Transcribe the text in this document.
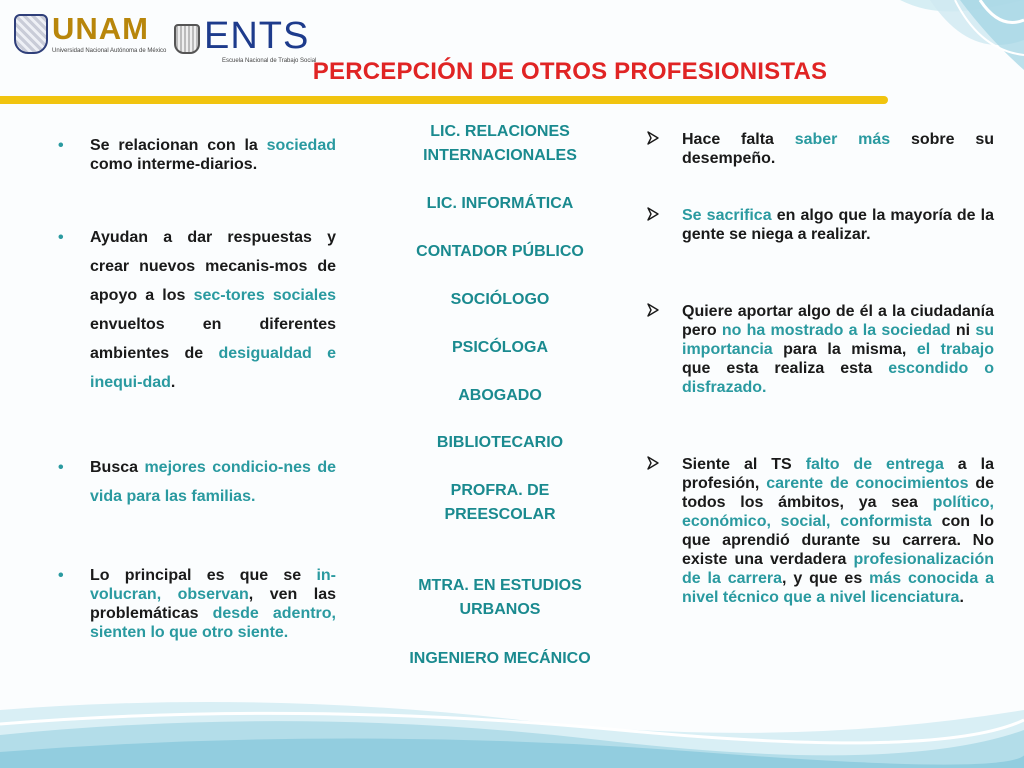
UNAM
Universidad Nacional Autónoma de México ENTS
Escuela Nacional de Trabajo Social
PERCEPCIÓN DE OTROS PROFESIONISTAS
• Se relacionan con la sociedad como interme-diarios.
• Ayudan a dar respuestas y crear nuevos mecanis-mos de apoyo a los sec-tores sociales envueltos en diferentes ambientes de desigualdad e inequi-dad.
• Busca mejores condicio-nes de vida para las familias.
• Lo principal es que se in-volucran, observan, ven las problemáticas desde adentro, sienten lo que otro siente.
LIC. RELACIONES INTERNACIONALES
LIC. INFORMÁTICA
CONTADOR PÚBLICO
SOCIÓLOGO
PSICÓLOGA
ABOGADO
BIBLIOTECARIO
PROFRA. DE PREESCOLAR
MTRA. EN ESTUDIOS URBANOS
INGENIERO MECÁNICO
Hace falta saber más sobre su desempeño.
Se sacrifica en algo que la mayoría de la gente se niega a realizar.
Quiere aportar algo de él a la ciudadanía pero no ha mostrado a la sociedad ni su importancia para la misma, el trabajo que esta realiza esta escondido o disfrazado.
Siente al TS falto de entrega a la profesión, carente de conocimientos de todos los ámbitos, ya sea político, económico, social, conformista con lo que aprendió durante su carrera. No existe una verdadera profesionalización de la carrera, y que es más conocida a nivel técnico que a nivel licenciatura.
